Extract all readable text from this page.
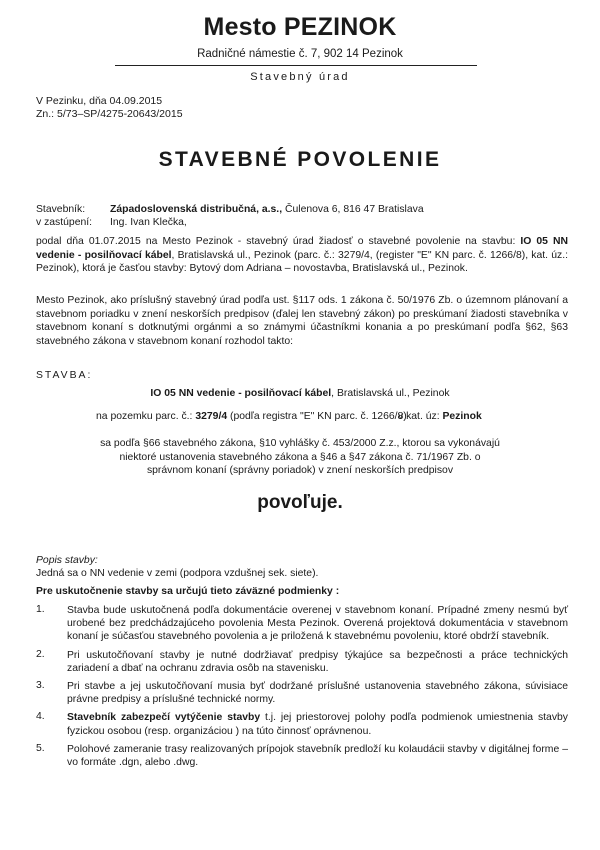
Mesto PEZINOK
Radničné námestie č. 7, 902 14 Pezinok
Stavebný úrad
V Pezinku, dňa 04.09.2015
Zn.: 5/73–SP/4275-20643/2015
STAVEBNÉ POVOLENIE
Stavebník:	Západoslovenská distribučná, a.s., Čulenova 6, 816 47 Bratislava
v zastúpení: Ing. Ivan Klečka,
podal dňa 01.07.2015 na Mesto Pezinok - stavebný úrad žiadosť o stavebné povolenie na stavbu: IO 05 NN vedenie - posilňovací kábel, Bratislavská ul., Pezinok (parc. č.: 3279/4, (register "E" KN parc. č. 1266/8), kat. úz.: Pezinok), ktorá je časťou stavby: Bytový dom Adriana – novostavba, Bratislavská ul., Pezinok.
Mesto Pezinok, ako príslušný stavebný úrad podľa ust. §117 ods. 1 zákona č. 50/1976 Zb. o územnom plánovaní a stavebnom poriadku v znení neskorších predpisov (ďalej len stavebný zákon) po preskúmaní žiadosti stavebníka v stavebnom konaní s dotknutými orgánmi a so známymi účastníkmi konania a po preskúmaní podľa §62, §63 stavebného zákona v stavebnom konaní rozhodol takto:
STAVBA:
IO 05 NN vedenie - posilňovací kábel, Bratislavská ul., Pezinok
na pozemku parc. č.: 3279/4 (podľa registra "E" KN parc. č. 1266/8)
v kat. úz: Pezinok
sa podľa §66 stavebného zákona, §10 vyhlášky č. 453/2000 Z.z., ktorou sa vykonávajú niektoré ustanovenia stavebného zákona a §46 a §47 zákona č. 71/1967 Zb. o správnom konaní (správny poriadok) v znení neskorších predpisov
povoľuje.
Popis stavby:
Jedná sa o NN vedenie v zemi (podpora vzdušnej sek. siete).
Pre uskutočnenie stavby sa určujú tieto záväzné podmienky :
1. Stavba bude uskutočnená podľa dokumentácie overenej v stavebnom konaní. Prípadné zmeny nesmú byť urobené bez predchádzajúceho povolenia Mesta Pezinok. Overená projektová dokumentácia v stavebnom konaní je súčasťou stavebného povolenia a je priložená k stavebnému povoleniu, ktoré obdrží stavebník.
2. Pri uskutočňovaní stavby je nutné dodržiavať predpisy týkajúce sa bezpečnosti a práce technických zariadení a dbať na ochranu zdravia osôb na stavenisku.
3. Pri stavbe a jej uskutočňovaní musia byť dodržané príslušné ustanovenia stavebného zákona, súvisiace právne predpisy a príslušné technické normy.
4. Stavebník zabezpečí vytýčenie stavby t.j. jej priestorovej polohy podľa podmienok umiestnenia stavby fyzickou osobou (resp. organizáciou ) na túto činnosť oprávnenou.
5. Polohové zameranie trasy realizovaných prípojok stavebník predloží ku kolaudácii stavby v digitálnej forme – vo formáte .dgn, alebo .dwg.
